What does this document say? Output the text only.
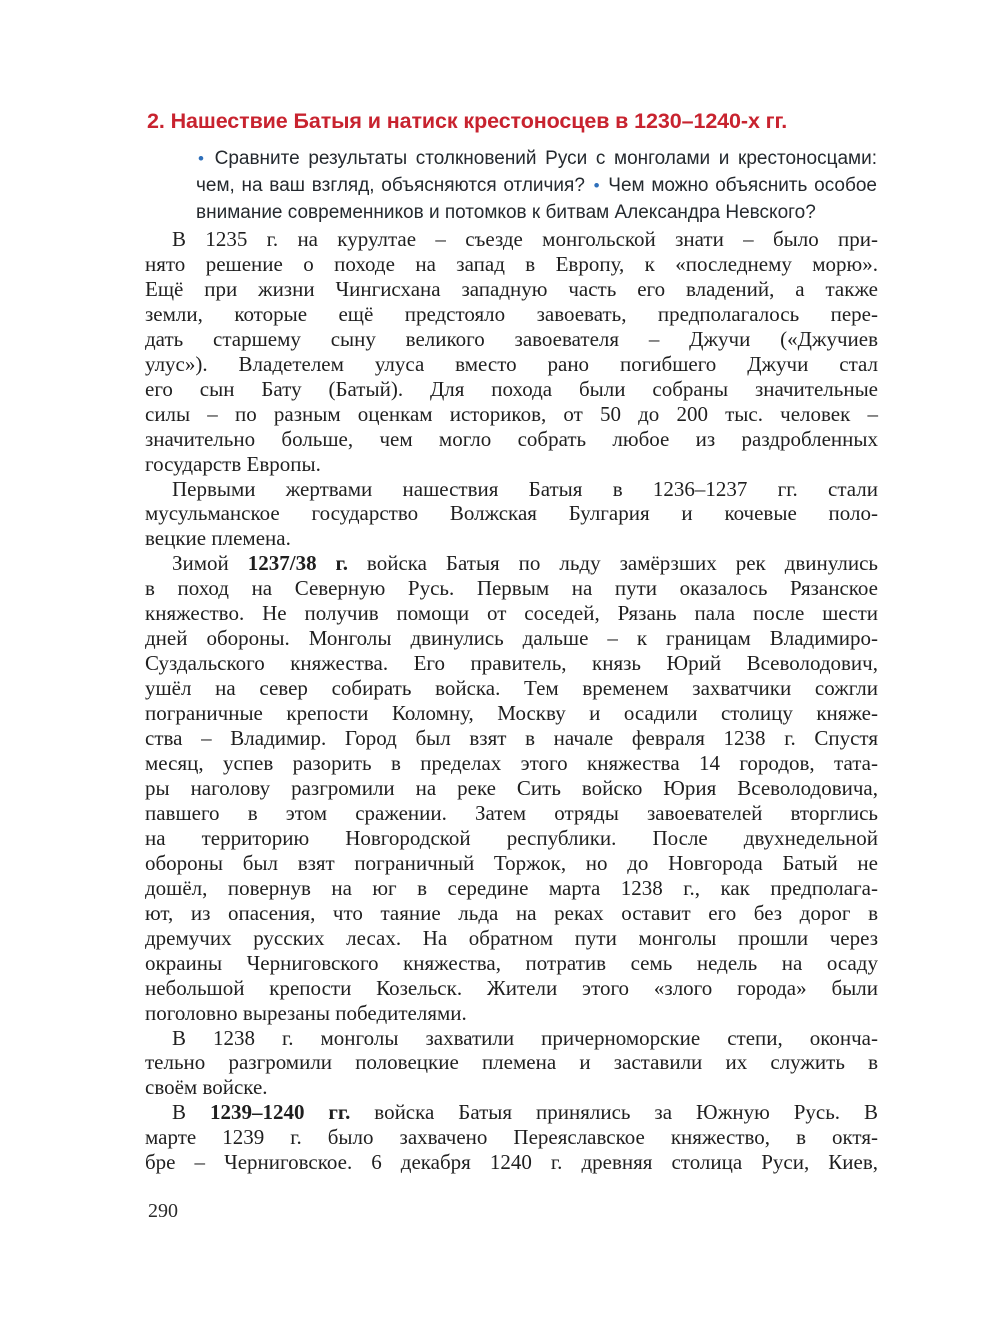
2. Нашествие Батыя и натиск крестоносцев в 1230–1240-х гг.
• Сравните результаты столкновений Руси с монголами и крестоносцами:
чем, на ваш взгляд, объясняются отличия? • Чем можно объяснить особое
внимание современников и потомков к битвам Александра Невского?
В 1235 г. на курултае – съезде монгольской знати – было при-
нято решение о походе на запад в Европу, к «последнему морю».
Ещё при жизни Чингисхана западную часть его владений, а также
земли, которые ещё предстояло завоевать, предполагалось пере-
дать старшему сыну великого завоевателя – Джучи («Джучиев
улус»). Владетелем улуса вместо рано погибшего Джучи стал
его сын Бату (Батый). Для похода были собраны значительные
силы – по разным оценкам историков, от 50 до 200 тыс. человек –
значительно больше, чем могло собрать любое из раздробленных
государств Европы.
Первыми жертвами нашествия Батыя в 1236–1237 гг. стали
мусульманское государство Волжская Булгария и кочевые поло-
вецкие племена.
Зимой 1237/38 г. войска Батыя по льду замёрзших рек двинулись
в поход на Северную Русь. Первым на пути оказалось Рязанское
княжество. Не получив помощи от соседей, Рязань пала после шести
дней обороны. Монголы двинулись дальше – к границам Владимиро-
Суздальского княжества. Его правитель, князь Юрий Всеволодович,
ушёл на север собирать войска. Тем временем захватчики сожгли
пограничные крепости Коломну, Москву и осадили столицу княже-
ства – Владимир. Город был взят в начале февраля 1238 г. Спустя
месяц, успев разорить в пределах этого княжества 14 городов, тата-
ры наголову разгромили на реке Сить войско Юрия Всеволодовича,
павшего в этом сражении. Затем отряды завоевателей вторглись
на территорию Новгородской республики. После двухнедельной
обороны был взят пограничный Торжок, но до Новгорода Батый не
дошёл, повернув на юг в середине марта 1238 г., как предполага-
ют, из опасения, что таяние льда на реках оставит его без дорог в
дремучих русских лесах. На обратном пути монголы прошли через
окраины Черниговского княжества, потратив семь недель на осаду
небольшой крепости Козельск. Жители этого «злого города» были
поголовно вырезаны победителями.
В 1238 г. монголы захватили причерноморские степи, оконча-
тельно разгромили половецкие племена и заставили их служить в
своём войске.
В 1239–1240 гг. войска Батыя принялись за Южную Русь. В
марте 1239 г. было захвачено Переяславское княжество, в октя-
бре – Черниговское. 6 декабря 1240 г. древняя столица Руси, Киев,
290
